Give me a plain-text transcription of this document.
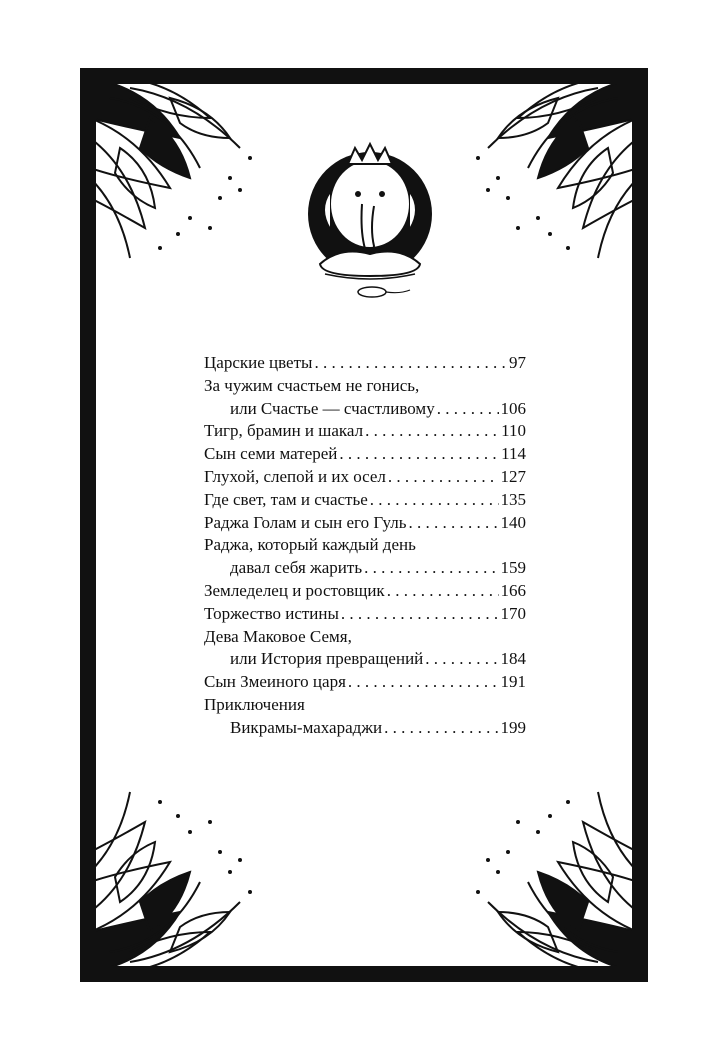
Царские цветы . . .	97
За чужим счастьем не гонись,
или Счастье — счастливому . . .	106
Тигр, брамин и шакал . . .	110
Сын семи матерей . . .	114
Глухой, слепой и их осел . . .	127
Где свет, там и счастье . . .	135
Раджа Голам и сын его Гуль . . .	140
Раджа, который каждый день
давал себя жарить . . .	159
Земледелец и ростовщик . . .	166
Торжество истины . . .	170
Дева Маковое Семя,
или История превращений . . .	184
Сын Змеиного царя . . .	191
Приключения
Викрамы-махараджи . . .	199
